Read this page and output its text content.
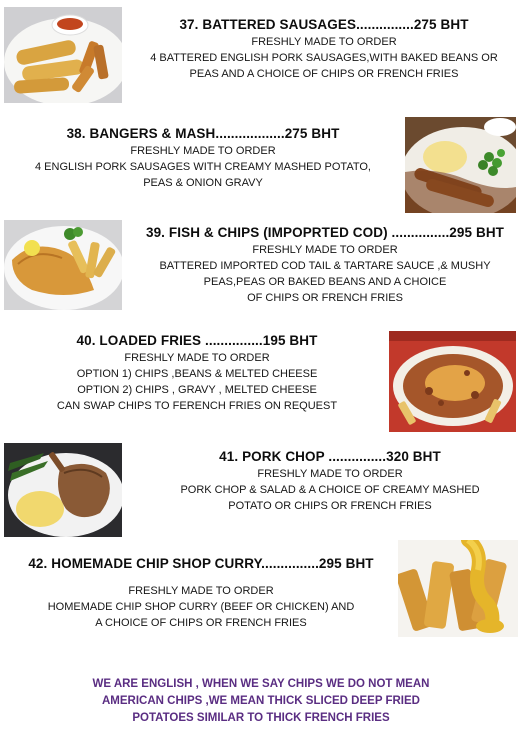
37. BATTERED SAUSAGES...............275 BHT
FRESHLY MADE TO ORDER
4 BATTERED ENGLISH PORK SAUSAGES,WITH BAKED BEANS OR
PEAS AND A CHOICE OF CHIPS OR FRENCH FRIES
38. BANGERS & MASH..................275 BHT
FRESHLY MADE TO ORDER
4 ENGLISH PORK SAUSAGES WITH CREAMY MASHED POTATO,
PEAS & ONION GRAVY
39. FISH & CHIPS (IMPOPRTED COD) ...............295 BHT
FRESHLY MADE TO ORDER
BATTERED IMPORTED COD TAIL & TARTARE SAUCE ,& MUSHY
PEAS,PEAS OR BAKED BEANS AND A CHOICE
OF CHIPS OR FRENCH FRIES
40. LOADED FRIES ...............195 BHT
FRESHLY MADE TO ORDER
OPTION 1) CHIPS ,BEANS & MELTED CHEESE
OPTION 2) CHIPS , GRAVY , MELTED CHEESE
CAN SWAP CHIPS TO FERENCH FRIES ON REQUEST
41. PORK CHOP ...............320 BHT
FRESHLY MADE TO ORDER
PORK CHOP & SALAD & A CHOICE OF CREAMY MASHED
POTATO OR CHIPS OR FRENCH FRIES
42. HOMEMADE CHIP SHOP CURRY...............295 BHT
FRESHLY MADE TO ORDER
HOMEMADE CHIP SHOP CURRY (BEEF OR CHICKEN) AND
A CHOICE OF CHIPS OR FRENCH FRIES
WE ARE ENGLISH , WHEN WE SAY CHIPS WE DO NOT MEAN
AMERICAN CHIPS ,WE MEAN THICK SLICED DEEP FRIED
POTATOES SIMILAR TO THICK FRENCH FRIES
